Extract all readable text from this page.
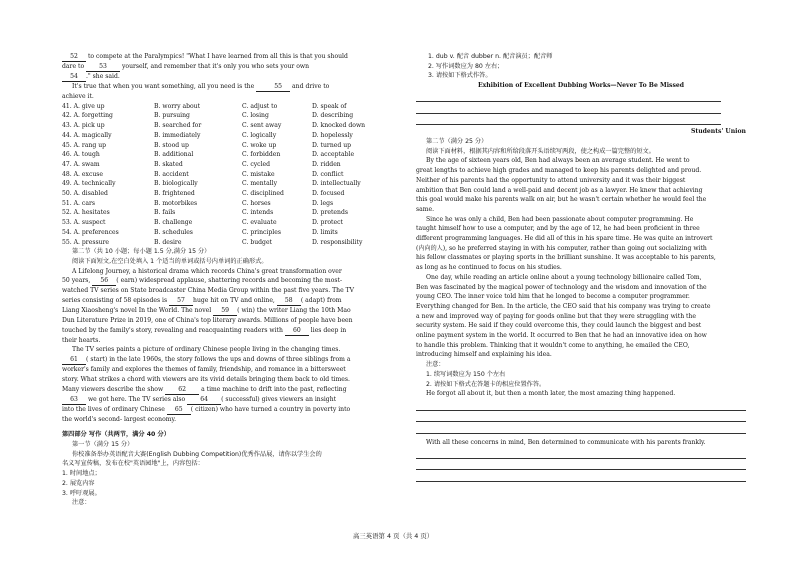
52 to compete at the Paralympics! "What I have learned from all this is that you should

dare to 53 yourself, and remember that it's only you who sets your own

54 ." she said.

It's true that when you want something, all you need is the	55 and drive to

achieve it.

41. A. give up	B. worry about	C. adjust to	D. speak of
42. A. forgetting	B. pursuing	C. losing	D. describing
43. A. pick up	B. searched for	C. sent away	D. knocked down
44. A. magically	B. immediately	C. logically	D. hopelessly
45. A. rang up	B. stood up	C. woke up	D. turned up
46. A. tough	B. additional	C. forbidden	D. acceptable
47. A. swam	B. skated	C. cycled	D. ridden
48. A. excuse	B. accident	C. mistake	D. conflict
49. A. technically	B. biologically	C. mentally	D. intellectually
50. A. disabled	B. frightened	C. disciplined	D. focused
51. A. cars	B. motorbikes	C. horses	D. legs
52. A. hesitates	B. fails	C. intends	D. pretends
53. A. suspect	B. challenge	C. evaluate	D. protect
54. A. preferences	B. schedules	C. principles	D. limits
55. A. pressure	B. desire	C. budget	D. responsibility

第二节（共 10 小题；每小题 1.5 分,满分 15 分）

阅读下面短文,在空白处填入 1 个适当的单词或括号内单词的正确形式。

A Lifelong Journey, a historical drama which records China's great transformation over

50 years, 56 ( earn) widespread applause, shattering records and becoming the most-

watched TV series on State broadcaster China Media Group within the past five years. The TV

series consisting of 58 episodes is 57 huge hit on TV and online, 58 ( adapt) from

Liang Xiaosheng's novel In the World. The novel 59 ( win) the writer Liang the 10th Mao

Dun Literature Prize in 2019, one of China's top literary awards. Millions of people have been

touched by the family's story, revealing and reacquainting readers with 60 lies deep in

their hearts.

The TV series paints a picture of ordinary Chinese people living in the changing times.

61 ( start) in the late 1960s, the story follows the ups and downs of three siblings from a

worker's family and explores the themes of family, friendship, and romance in a bittersweet

story. What strikes a chord with viewers are its vivid details bringing them back to old times.

Many viewers describe the show 62 a time machine to drift into the past, reflecting

63 we got here. The TV series also 64 ( successful) gives viewers an insight

into the lives of ordinary Chinese 65 ( citizen) who have turned a country in poverty into

the world's second- largest economy.

第四部分 写作（共两节，满分 40 分）

第一节（满分 15 分）

你校准备举办英语配音大赛(English Dubbing Competition)优秀作品展，请你以学生会的

名义写宣传稿，发布在校"英语园地"上，内容包括：

1. 时间地点；

2. 展览内容

3. 呼吁观展。

注意：

1. dub v. 配音 dubber n. 配音演员；配音师

2. 写作词数应为 80 左右；

3. 请按如下格式作答。

Exhibition of Excellent Dubbing Works—Never To Be Missed

Students' Union

第二节（满分 25 分）

阅读下面材料，根据其内容和所给段落开头语续写两段，使之构成一篇完整的短文。

By the age of sixteen years old, Ben had always been an average student. He went to

great lengths to achieve high grades and managed to keep his parents delighted and proud.

Neither of his parents had the opportunity to attend university and it was their biggest

ambition that Ben could land a well-paid and decent job as a lawyer. He knew that achieving

this goal would make his parents walk on air, but he wasn't certain whether he would feel the

same.

Since he was only a child, Ben had been passionate about computer programming. He

taught himself how to use a computer, and by the age of 12, he had been proficient in three

different programming languages. He did all of this in his spare time. He was quite an introvert

(内向的人), so he preferred staying in with his computer, rather than going out socializing with

his fellow classmates or playing sports in the brilliant sunshine. It was acceptable to his parents,

as long as he continued to focus on his studies.

One day, while reading an article online about a young technology billionaire called Tom,

Ben was fascinated by the magical power of technology and the wisdom and innovation of the

young CEO. The inner voice told him that he longed to become a computer programmer.

Everything changed for Ben. In the article, the CEO said that his company was trying to create

a new and improved way of paying for goods online but that they were struggling with the

security system. He said if they could overcome this, they could launch the biggest and best

online payment system in the world. It occurred to Ben that he had an innovative idea on how

to handle this problem. Thinking that it wouldn't come to anything, he emailed the CEO,

introducing himself and explaining his idea.

注意：

1. 续写词数应为 150 个左右

2. 请按如下格式在答题卡的相应位置作答。

He forgot all about it, but then a month later, the most amazing thing happened.

With all these concerns in mind, Ben determined to communicate with his parents frankly.

高三英语第 4 页（共 4 页）
